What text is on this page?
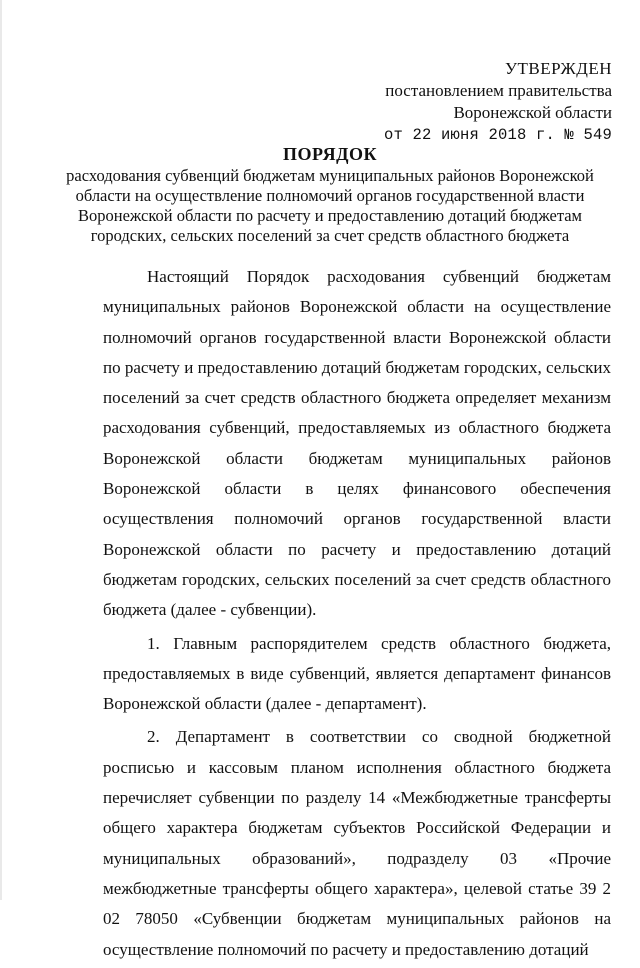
УТВЕРЖДЕН
постановлением правительства
Воронежской области
от 22 июня 2018 г. № 549
ПОРЯДОК
расходования субвенций бюджетам муниципальных районов Воронежской области на осуществление полномочий органов государственной власти Воронежской области по расчету и предоставлению дотаций бюджетам городских, сельских поселений за счет средств областного бюджета

Настоящий Порядок расходования субвенций бюджетам муниципальных районов Воронежской области на осуществление полномочий органов государственной власти Воронежской области по расчету и предоставлению дотаций бюджетам городских, сельских поселений за счет средств областного бюджета определяет механизм расходования субвенций, предоставляемых из областного бюджета Воронежской области бюджетам муниципальных районов Воронежской области в целях финансового обеспечения осуществления полномочий органов государственной власти Воронежской области по расчету и предоставлению дотаций бюджетам городских, сельских поселений за счет средств областного бюджета (далее - субвенции).

1. Главным распорядителем средств областного бюджета, предоставляемых в виде субвенций, является департамент финансов Воронежской области (далее - департамент).

2. Департамент в соответствии со сводной бюджетной росписью и кассовым планом исполнения областного бюджета перечисляет субвенции по разделу 14 «Межбюджетные трансферты общего характера бюджетам субъектов Российской Федерации и муниципальных образований», подразделу 03 «Прочие межбюджетные трансферты общего характера», целевой статье 39 2 02 78050 «Субвенции бюджетам муниципальных районов на осуществление полномочий по расчету и предоставлению дотаций
